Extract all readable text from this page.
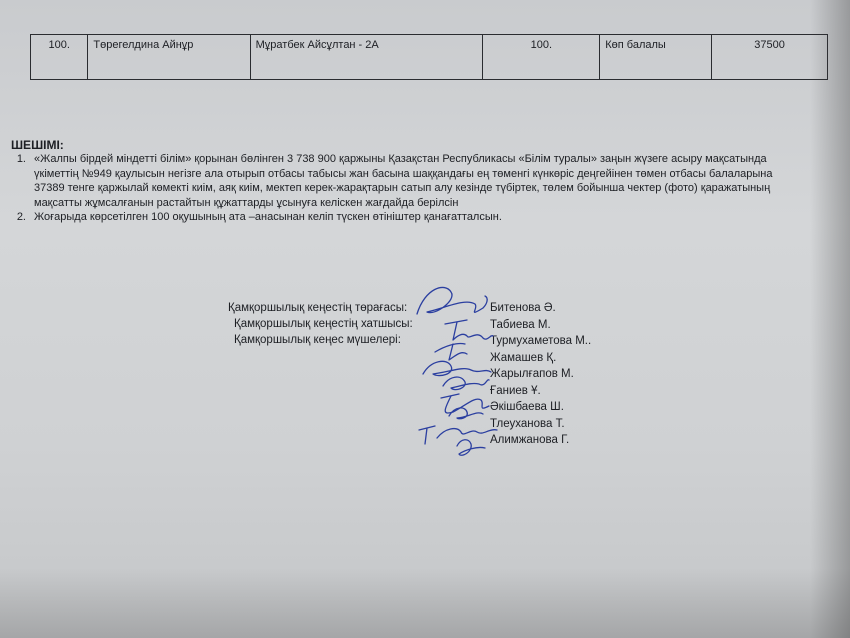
100.	Төрегелдина Айнұр	Мұратбек Айсұлтан - 2А	100.	Көп балалы	37500
ШЕШІМІ:
1. «Жалпы бірдей міндетті білім» қорынан бөлінген 3 738 900 қаржыны Қазақстан Республикасы «Білім туралы» заңын жүзеге асыру мақсатында
үкіметтің №949 қаулысын негізге ала отырып отбасы табысы жан басына шаққандағы ең төменгі күнкөріс деңгейінен төмен отбасы балаларына
37389 тенге қаржылай көмекті киім, аяқ киім, мектеп керек-жарақтарын сатып алу кезінде түбіртек, төлем бойынша чектер (фото) қаражатының
мақсатты жұмсалғанын растайтын құжаттарды ұсынуға келіскен жағдайда берілсін
2. Жоғарыда көрсетілген 100 оқушының ата –анасынан келіп түскен өтініштер қанағатталсын.
Қамқоршылық кеңестің төрағасы:
Қамқоршылық кеңестің хатшысы:
Қамқоршылық кеңес мүшелері:
Битенова Ә.
Табиева М.
Турмухаметова М..
Жамашев Қ.
Жарылғапов М.
Ғаниев Ұ.
Әкішбаева Ш.
Тлеуханова Т.
Алимжанова Г.
